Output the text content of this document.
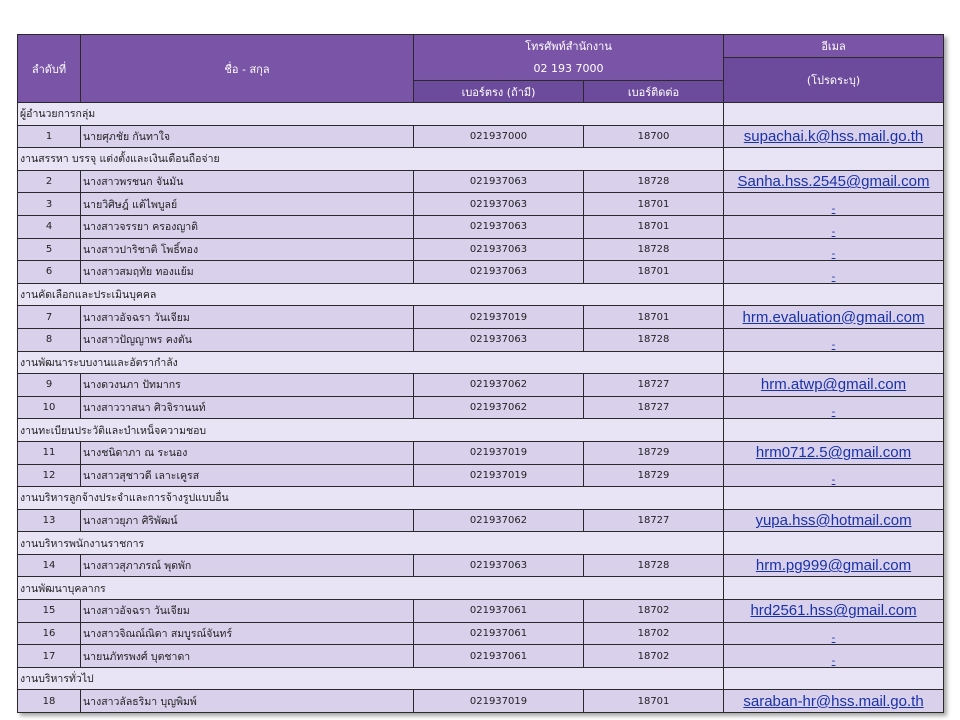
ลำดับที่	ชื่อ - สกุล	โทรศัพท์สำนักงาน		อีเมล
		02 193 7000		(โปรดระบุ)
		เบอร์ตรง (ถ้ามี)	เบอร์ติดต่อ	
ผู้อำนวยการกลุ่ม				
1	นายศุภชัย กันทาใจ	021937000	18700	supachai.k@hss.mail.go.th
งานสรรหา บรรจุ แต่งตั้งและเงินเดือนถือจ่าย				
2	นางสาวพรชนก จันมัน	021937063	18728	Sanha.hss.2545@gmail.com
3	นายวิศิษฎ์ แต้ไพบูลย์	021937063	18701	-
4	นางสาวจรรยา ครองญาติ	021937063	18701	-
5	นางสาวปาริชาติ โพธิ์ทอง	021937063	18728	-
6	นางสาวสมฤทัย ทองแย้ม	021937063	18701	-
งานคัดเลือกและประเมินบุคคล				
7	นางสาวอัจฉรา วันเจียม	021937019	18701	hrm.evaluation@gmail.com
8	นางสาวปัญญาพร คงตัน	021937063	18728	-
งานพัฒนาระบบงานและอัตรากำลัง				
9	นางดวงนภา ปัทมากร	021937062	18727	hrm.atwp@gmail.com
10	นางสาววาสนา ศิวจิรานนท์	021937062	18727	-
งานทะเบียนประวัติและบำเหน็จความชอบ				
11	นางชนิดาภา ณ ระนอง	021937019	18729	hrm0712.5@gmail.com
12	นางสาวสุชาวดี เลาะเคูรส	021937019	18729	-
งานบริหารลูกจ้างประจำและการจ้างรูปแบบอื่น				
13	นางสาวยุภา ศิริพัฒน์	021937062	18727	yupa.hss@hotmail.com
งานบริหารพนักงานราชการ				
14	นางสาวสุภาภรณ์ พุดพัก	021937063	18728	hrm.pg999@gmail.com
งานพัฒนาบุคลากร				
15	นางสาวอัจฉรา วันเจียม	021937061	18702	hrd2561.hss@gmail.com
16	นางสาวจิณณ์ณิดา สมบูรณ์จันทร์	021937061	18702	-
17	นายนภัทรพงศ์ บุตชาดา	021937061	18702	-
งานบริหารทั่วไป				
18	นางสาวลัลธริมา บุญพิมพ์	021937019	18701	saraban-hr@hss.mail.go.th
